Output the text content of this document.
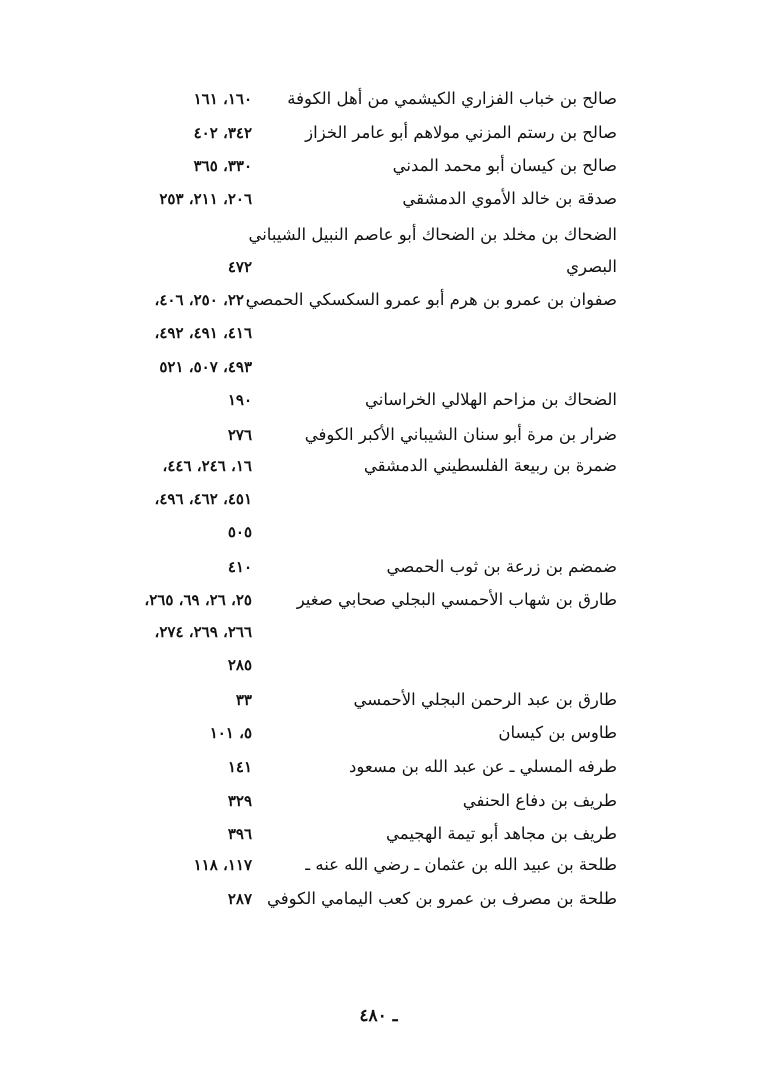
صالح بن خباب الفزاري الكيشمي من أهل الكوفة
١٦٠، ١٦١
صالح بن رستم المزني مولاهم أبو عامر الخزاز
٣٤٢، ٤٠٢
صالح بن كيسان أبو محمد المدني
٣٣٠، ٣٦٥
صدقة بن خالد الأموي الدمشقي
٢٠٦، ٢١١، ٢٥٣
الضحاك بن مخلد بن الضحاك أبو عاصم النبيل الشيباني
البصري
٤٧٢
صفوان بن عمرو بن هرم أبو عمرو السكسكي الحمصي
٢٢٠، ٢٥٠، ٤٠٦،
٤١٦، ٤٩١، ٤٩٢،
٤٩٣، ٥٠٧، ٥٢١
الضحاك بن مزاحم الهلالي الخراساني
١٩٠
ضرار بن مرة أبو سنان الشيباني الأكبر الكوفي
٢٧٦
ضمرة بن ربيعة الفلسطيني الدمشقي
١٦، ٢٤٦، ٤٤٦،
٤٥١، ٤٦٢، ٤٩٦،
٥٠٥
ضمضم بن زرعة بن ثوب الحمصي
٤١٠
طارق بن شهاب الأحمسي البجلي صحابي صغير
٢٥، ٢٦، ٦٩، ٢٦٥،
٢٦٦، ٢٦٩، ٢٧٤،
٢٨٥
طارق بن عبد الرحمن البجلي الأحمسي
٣٣
طاوس بن كيسان
٥، ١٠١
طرفه المسلي ـ عن عبد الله بن مسعود
١٤١
طريف بن دفاع الحنفي
٣٢٩
طريف بن مجاهد أبو تيمة الهجيمي
٣٩٦
طلحة بن عبيد الله بن عثمان ـ رضي الله عنه ـ
١١٧، ١١٨
طلحة بن مصرف بن عمرو بن كعب اليمامي الكوفي
٢٨٧
ـ ٤٨٠
